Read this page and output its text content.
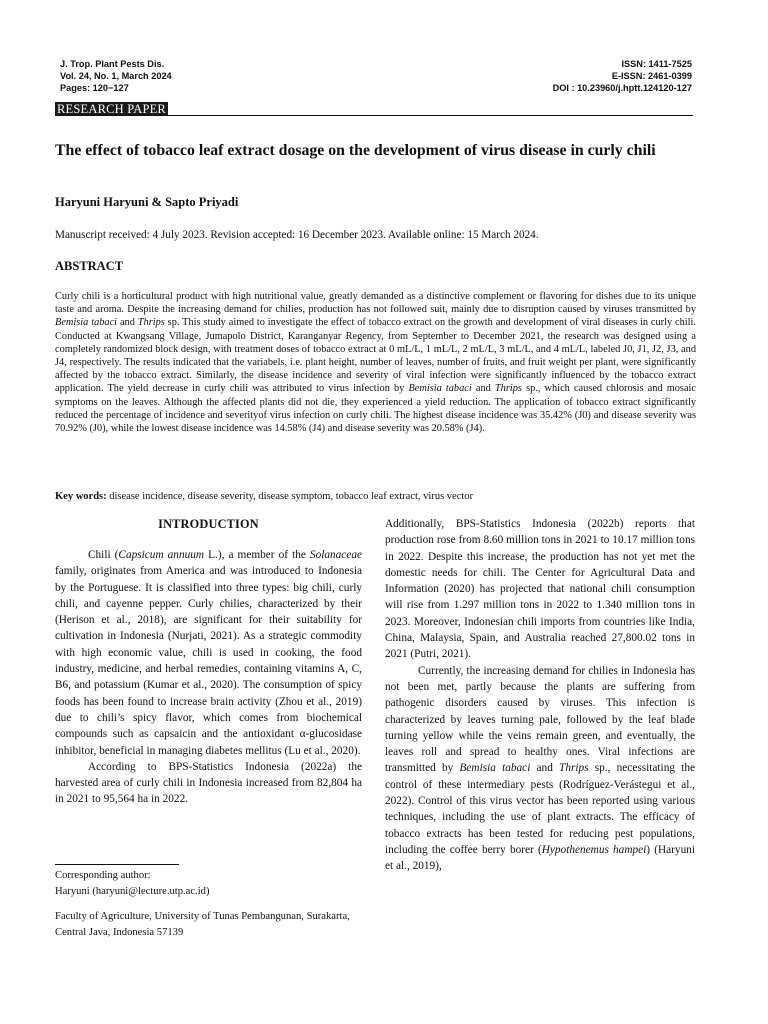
J. Trop. Plant Pests Dis.
Vol. 24, No. 1, March 2024
Pages: 120−127
ISSN: 1411-7525
E-ISSN: 2461-0399
DOI : 10.23960/j.hptt.124120-127
RESEARCH PAPER
The effect of tobacco leaf extract dosage on the development of virus disease in curly chili

Haryuni Haryuni & Sapto Priyadi

Manuscript received: 4 July 2023. Revision accepted: 16 December 2023. Available online: 15 March 2024.

ABSTRACT

Curly chili is a horticultural product with high nutritional value, greatly demanded as a distinctive complement or flavoring for dishes due to its unique taste and aroma. Despite the increasing demand for chilies, production has not followed suit, mainly due to disruption caused by viruses transmitted by Bemisia tabaci and Thrips sp. This study aimed to investigate the effect of tobacco extract on the growth and development of viral diseases in curly chili. Conducted at Kwangsang Village, Jumapolo District, Karanganyar Regency, from September to December 2021, the research was designed using a completely randomized block design, with treatment doses of tobacco extract at 0 mL/L, 1 mL/L, 2 mL/L, 3 mL/L, and 4 mL/L, labeled J0, J1, J2, J3, and J4, respectively. The results indicated that the variabels, i.e. plant height, number of leaves, number of fruits, and fruit weight per plant, were significantly affected by the tobacco extract. Similarly, the disease incidence and severity of viral infection were significantly influenced by the tobacco extract application. The yield decrease in curly chili was attributed to virus infection by Bemisia tabaci and Thrips sp., which caused chlorosis and mosaic symptoms on the leaves. Although the affected plants did not die, they experienced a yield reduction. The application of tobacco extract significantly reduced the percentage of incidence and severityof virus infection on curly chili. The highest disease incidence was 35.42% (J0) and disease severity was 70.92% (J0), while the lowest disease incidence was 14.58% (J4) and disease severity was 20.58% (J4).

Key words: disease incidence, disease severity, disease symptom, tobacco leaf extract, virus vector

INTRODUCTION

Chili (Capsicum annuum L.), a member of the Solanaceae family, originates from America and was introduced to Indonesia by the Portuguese. It is classified into three types: big chili, curly chili, and cayenne pepper. Curly chilies, characterized by their (Herison et al., 2018), are significant for their suitability for cultivation in Indonesia (Nurjati, 2021). As a strategic commodity with high economic value, chili is used in cooking, the food industry, medicine, and herbal remedies, containing vitamins A, C, B6, and potassium (Kumar et al., 2020). The consumption of spicy foods has been found to increase brain activity (Zhou et al., 2019) due to chili’s spicy flavor, which comes from biochemical compounds such as capsaicin and the antioxidant α-glucosidase inhibitor, beneficial in managing diabetes mellitus (Lu et al., 2020).

According to BPS-Statistics Indonesia (2022a) the harvested area of curly chili in Indonesia increased from 82,804 ha in 2021 to 95,564 ha in 2022.

Additionally, BPS-Statistics Indonesia (2022b) reports that production rose from 8.60 million tons in 2021 to 10.17 million tons in 2022. Despite this increase, the production has not yet met the domestic needs for chili. The Center for Agricultural Data and Information (2020) has projected that national chili consumption will rise from 1.297 million tons in 2022 to 1.340 million tons in 2023. Moreover, Indonesian chili imports from countries like India, China, Malaysia, Spain, and Australia reached 27,800.02 tons in 2021 (Putri, 2021).

Currently, the increasing demand for chilies in Indonesia has not been met, partly because the plants are suffering from pathogenic disorders caused by viruses. This infection is characterized by leaves turning pale, followed by the leaf blade turning yellow while the veins remain green, and eventually, the leaves roll and spread to healthy ones. Viral infections are transmitted by Bemisia tabaci and Thrips sp., necessitating the control of these intermediary pests (Rodríguez-Verástegui et al., 2022). Control of this virus vector has been reported using various techniques, including the use of plant extracts. The efficacy of tobacco extracts has been tested for reducing pest populations, including the coffee berry borer (Hypothenemus hampei) (Haryuni et al., 2019),

Corresponding author:
Haryuni (haryuni@lecture.utp.ac.id)

Faculty of Agriculture, University of Tunas Pembangunan, Surakarta, Central Java, Indonesia 57139
